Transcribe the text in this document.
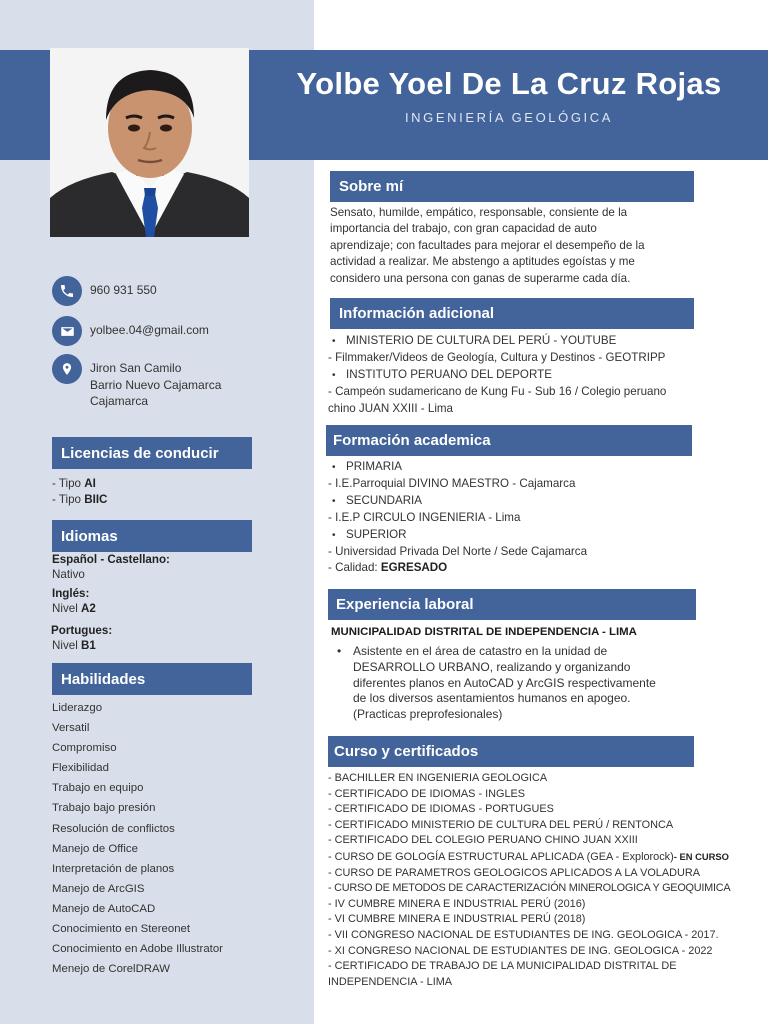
Yolbe Yoel De La Cruz Rojas
INGENIERÍA GEOLÓGICA
960 931 550
yolbee.04@gmail.com
Jiron San Camilo
Barrio Nuevo Cajamarca
Cajamarca
Licencias de conducir
- Tipo AI
- Tipo BIIC
Idiomas
Español - Castellano:
Nativo
Inglés:
Nivel A2
Portugues:
Nivel B1
Habilidades
Liderazgo
Versatil
Compromiso
Flexibilidad
Trabajo en equipo
Trabajo bajo presión
Resolución de conflictos
Manejo de Office
Interpretación de planos
Manejo de ArcGIS
Manejo de AutoCAD
Conocimiento en Stereonet
Conocimiento en Adobe Illustrator
Menejo de CorelDRAW
Sobre mí
Sensato, humilde, empático, responsable, consiente de la
importancia del trabajo, con gran capacidad de auto
aprendizaje; con facultades para mejorar el desempeño de la
actividad a realizar. Me abstengo a aptitudes egoístas y me
considero una persona con ganas de superarme cada día.
Información adicional
• MINISTERIO DE CULTURA DEL PERÚ - YOUTUBE
- Filmmaker/Videos de Geología, Cultura y Destinos - GEOTRIPP
• INSTITUTO PERUANO DEL DEPORTE
- Campeón sudamericano de Kung Fu - Sub 16 / Colegio peruano
chino JUAN XXIII - Lima
Formación academica
• PRIMARIA
- I.E.Parroquial DIVINO MAESTRO - Cajamarca
• SECUNDARIA
- I.E.P CIRCULO INGENIERIA - Lima
• SUPERIOR
- Universidad Privada Del Norte / Sede Cajamarca
- Calidad: EGRESADO
Experiencia laboral
MUNICIPALIDAD DISTRITAL DE INDEPENDENCIA - LIMA
• Asistente en el área de catastro en la unidad de
DESARROLLO URBANO, realizando y organizando
diferentes planos en AutoCAD y ArcGIS respectivamente
de los diversos asentamientos humanos en apogeo.
(Practicas preprofesionales)
Curso y certificados
- BACHILLER EN INGENIERIA GEOLOGICA
- CERTIFICADO DE IDIOMAS - INGLES
- CERTIFICADO DE IDIOMAS - PORTUGUES
- CERTIFICADO MINISTERIO DE CULTURA DEL PERÚ / RENTONCA
- CERTIFICADO DEL COLEGIO PERUANO CHINO JUAN XXIII
- CURSO DE GOLOGÍA ESTRUCTURAL APLICADA (GEA - Explorock)- EN CURSO
- CURSO DE PARAMETROS GEOLOGICOS APLICADOS A LA VOLADURA
- CURSO DE METODOS DE CARACTERIZACIÓN MINEROLOGICA Y GEOQUIMICA
- IV CUMBRE MINERA E INDUSTRIAL PERÚ (2016)
- VI CUMBRE MINERA E INDUSTRIAL PERÚ (2018)
- VII CONGRESO NACIONAL DE ESTUDIANTES DE ING. GEOLOGICA - 2017.
- XI CONGRESO NACIONAL DE ESTUDIANTES DE ING. GEOLOGICA - 2022
- CERTIFICADO DE TRABAJO DE LA MUNICIPALIDAD DISTRITAL DE
INDEPENDENCIA - LIMA
